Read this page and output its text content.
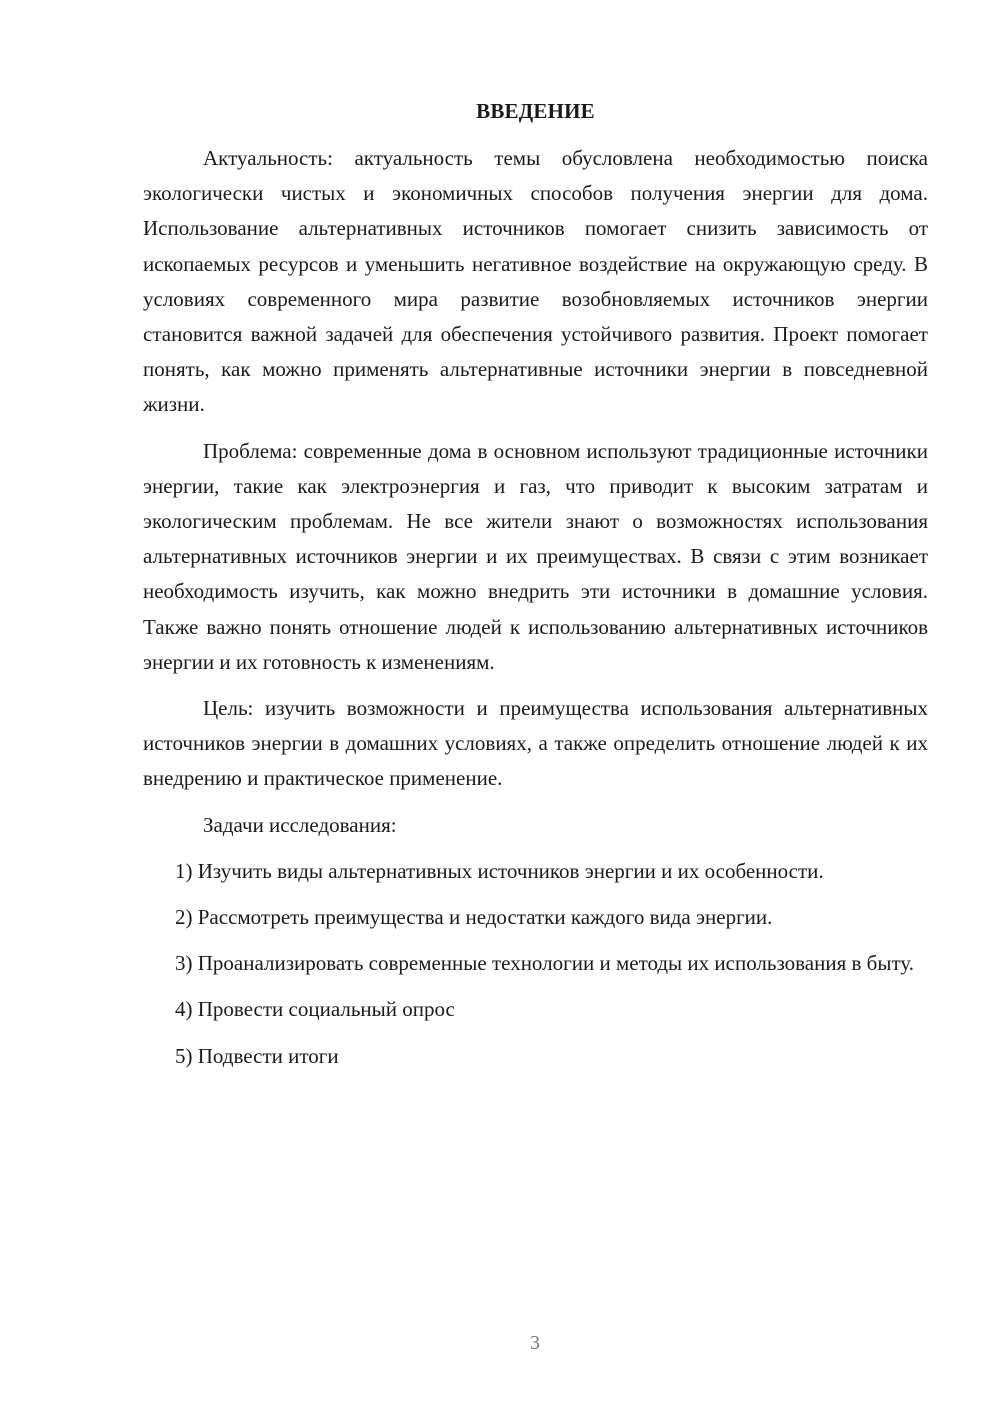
ВВЕДЕНИЕ

Актуальность: актуальность темы обусловлена необходимостью поиска экологически чистых и экономичных способов получения энергии для дома. Использование альтернативных источников помогает снизить зависимость от ископаемых ресурсов и уменьшить негативное воздействие на окружающую среду. В условиях современного мира развитие возобновляемых источников энергии становится важной задачей для обеспечения устойчивого развития. Проект помогает понять, как можно применять альтернативные источники энергии в повседневной жизни.

Проблема: современные дома в основном используют традиционные источники энергии, такие как электроэнергия и газ, что приводит к высоким затратам и экологическим проблемам. Не все жители знают о возможностях использования альтернативных источников энергии и их преимуществах. В связи с этим возникает необходимость изучить, как можно внедрить эти источники в домашние условия. Также важно понять отношение людей к использованию альтернативных источников энергии и их готовность к изменениям.

Цель: изучить возможности и преимущества использования альтернативных источников энергии в домашних условиях, а также определить отношение людей к их внедрению и практическое применение.

Задачи исследования:

1) Изучить виды альтернативных источников энергии и их особенности.

2) Рассмотреть преимущества и недостатки каждого вида энергии.

3) Проанализировать современные технологии и методы их использования в быту.

4) Провести социальный опрос

5) Подвести итоги

3
